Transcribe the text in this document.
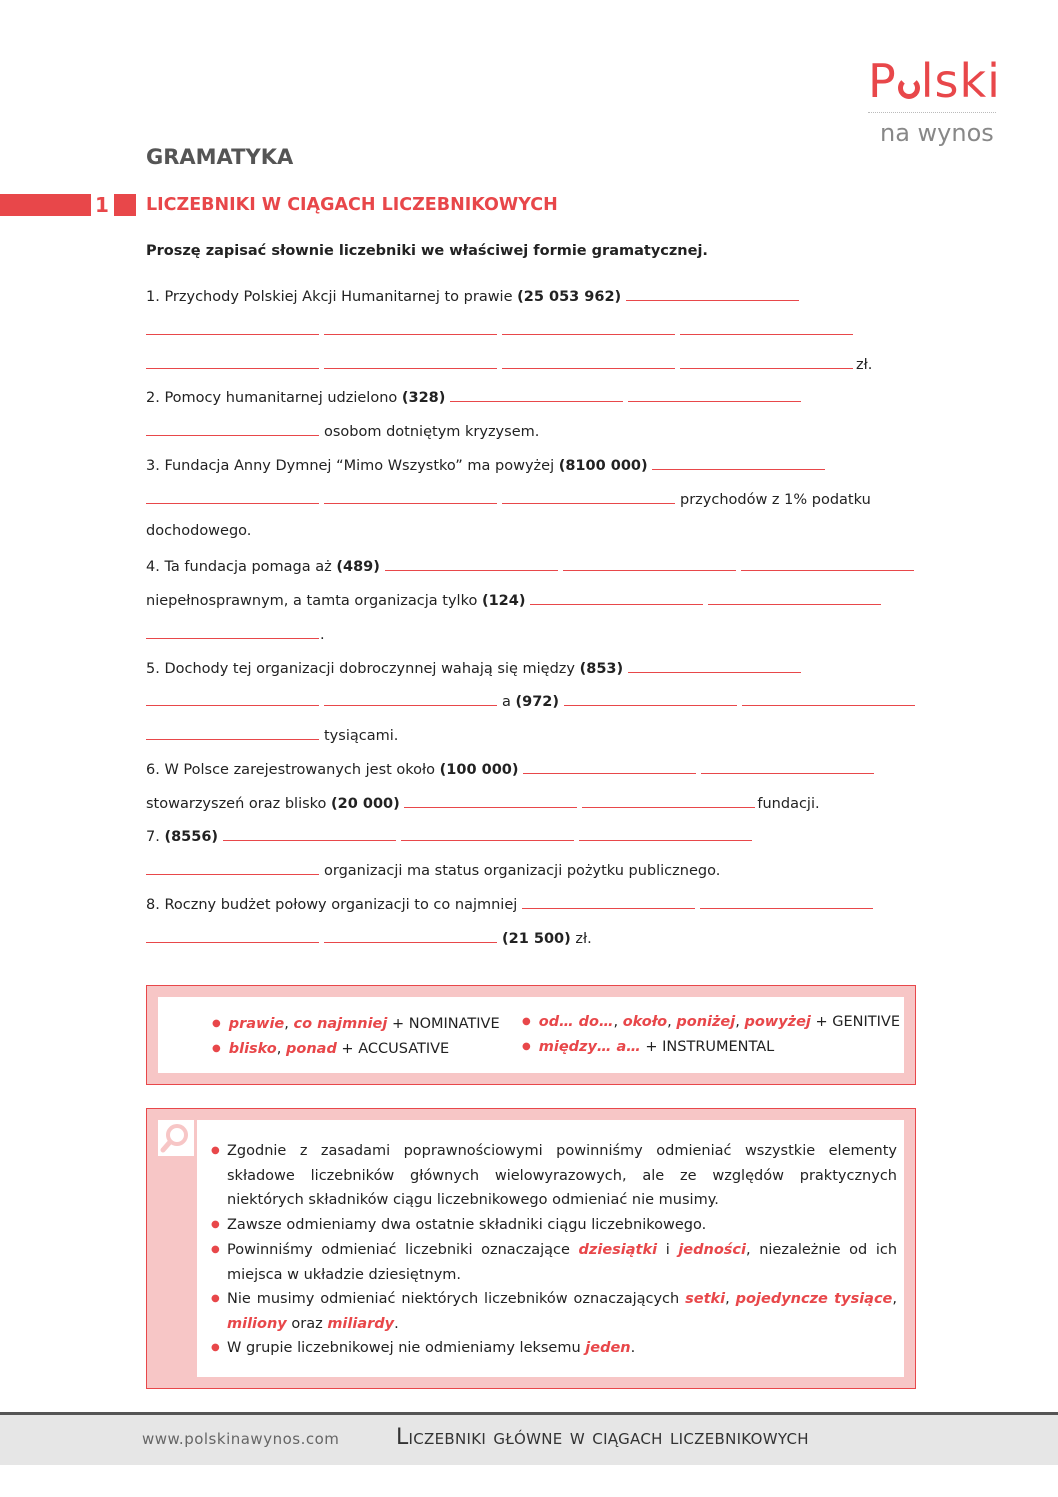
P lski
na wynos
GRAMATYKA
1 LICZEBNIKI W CIĄGACH LICZEBNIKOWYCH
Proszę zapisać słownie liczebniki we właściwej formie gramatycznej.
1. Przychody Polskiej Akcji Humanitarnej to prawie (25 053 962)
zł.
2. Pomocy humanitarnej udzielono (328)
osobom dotniętym kryzysem.
3. Fundacja Anny Dymnej “Mimo Wszystko” ma powyżej (8100 000)
przychodów z 1% podatku
dochodowego.
4. Ta fundacja pomaga aż (489)
niepełnosprawnym, a tamta organizacja tylko (124)
.
5. Dochody tej organizacji dobroczynnej wahają się między (853)
a (972)
tysiącami.
6. W Polsce zarejestrowanych jest około (100 000)
stowarzyszeń oraz blisko (20 000)	fundacji.
7. (8556)
organizacji ma status organizacji pożytku publicznego.
8. Roczny budżet połowy organizacji to co najmniej
(21 500) zł.
● prawie, co najmniej + NOMINATIVE
● blisko, ponad + ACCUSATIVE
● od… do…, około, poniżej, powyżej + GENITIVE
● między… a… + INSTRUMENTAL
● Zgodnie z zasadami poprawnościowymi powinniśmy odmieniać wszystkie elementy składowe liczebników głównych wielowyrazowych, ale ze względów praktycznych niektórych składników ciągu liczebnikowego odmieniać nie musimy.
● Zawsze odmieniamy dwa ostatnie składniki ciągu liczebnikowego.
● Powinniśmy odmieniać liczebniki oznaczające dziesiątki i jedności, niezależnie od ich miejsca w układzie dziesiętnym.
● Nie musimy odmieniać niektórych liczebników oznaczających setki, pojedyncze tysiące, miliony oraz miliardy.
● W grupie liczebnikowej nie odmieniamy leksemu jeden.
www.polskinawynos.com	Liczebniki główne w ciągach liczebnikowych
